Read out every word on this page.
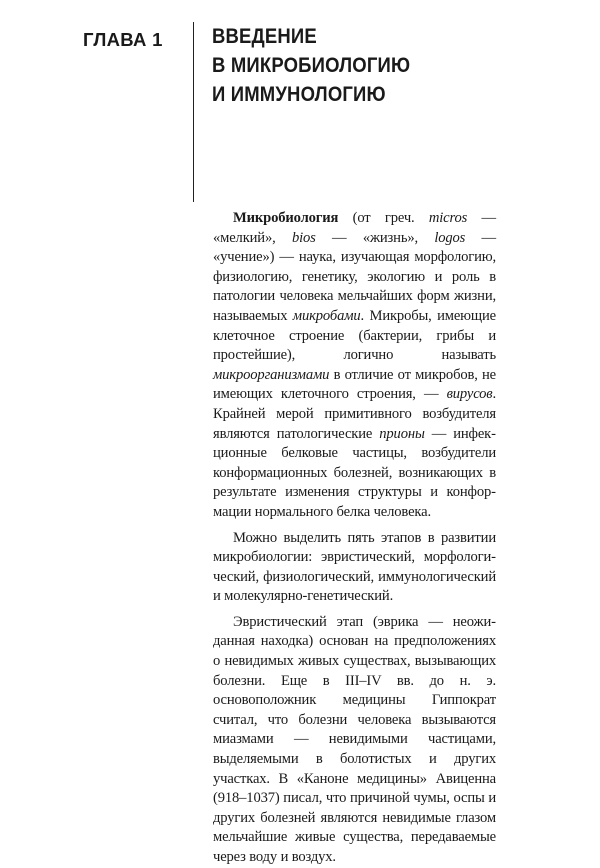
ГЛАВА 1	ВВЕДЕНИЕ
В МИКРОБИОЛОГИЮ
И ИММУНОЛОГИЮ

Микробиология (от греч. micros — «мелкий», bios — «жизнь», logos — «учение») — наука, изучающая морфологию, физиологию, генетику, экологию и роль в патологии человека мельчайших форм жизни, называемых микробами. Микробы, имеющие клеточное строение (бактерии, грибы и простейшие), логично называть микроорганизмами в отличие от микробов, не имеющих клеточного строения, — вирусов. Крайней мерой примитивного возбудителя являются патологические прионы — инфекционные белковые частицы, возбудители конформационных болезней, возникающих в результате изменения структуры и конформации нормального белка человека.

Можно выделить пять этапов в развитии микробиологии: эвристический, морфологический, физиологический, иммунологический и молекулярно-генетический.

Эвристический этап (эврика — неожиданная находка) основан на предположениях о невидимых живых существах, вызывающих болезни. Еще в III–IV вв. до н. э. основоположник медицины Гиппократ считал, что болезни человека вызываются миазмами — невидимыми частицами, выделяемыми в болотистых и других участках. В «Каноне медицины» Авиценна (918–1037) писал, что причиной чумы, оспы и других болезней являются невидимые глазом мельчайшие живые существа, передаваемые через воду и воздух.
